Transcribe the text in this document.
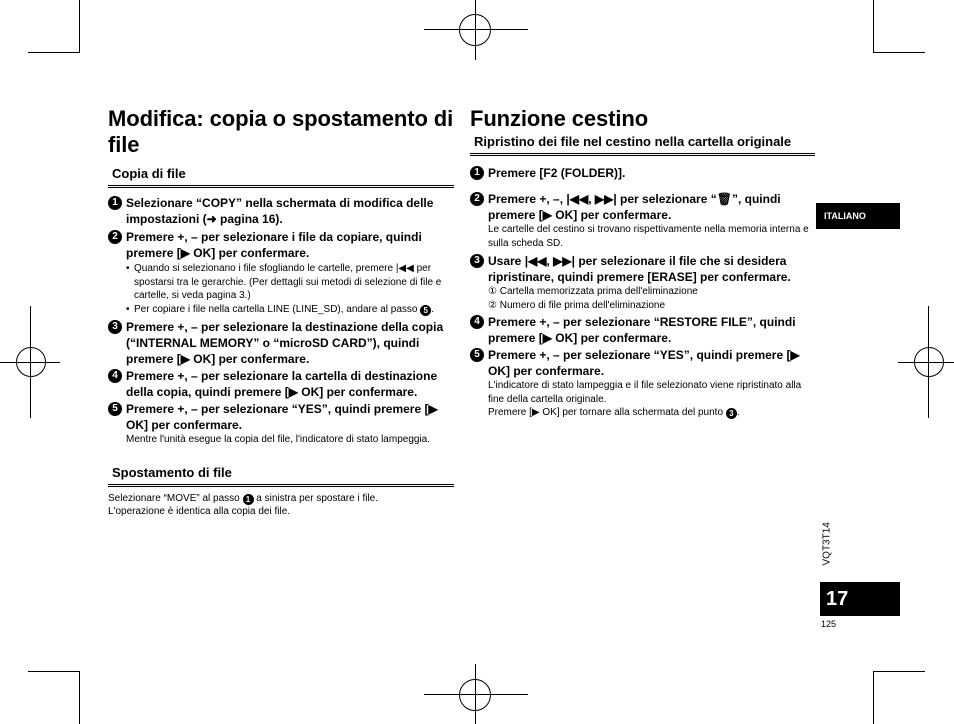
Modifica: copia o spostamento di file
Copia di file
1 Selezionare “COPY” nella schermata di modifica delle impostazioni (➜ pagina 16).
2 Premere +, – per selezionare i file da copiare, quindi premere [▶ OK] per confermare.
• Quando si selezionano i file sfogliando le cartelle, premere |◀◀ per spostarsi tra le gerarchie. (Per dettagli sui metodi di selezione di file e cartelle, si veda pagina 3.)
• Per copiare i file nella cartella LINE (LINE_SD), andare al passo 5 .
3 Premere +, – per selezionare la destinazione della copia (“INTERNAL MEMORY” o “microSD CARD”), quindi premere [▶ OK] per confermare.
4 Premere +, – per selezionare la cartella di destinazione della copia, quindi premere [▶ OK] per confermare.
5 Premere +, – per selezionare “YES”, quindi premere [▶ OK] per confermare.
Mentre l'unità esegue la copia del file, l'indicatore di stato lampeggia.
Spostamento di file
Selezionare “MOVE” al passo 1 a sinistra per spostare i file.
L'operazione è identica alla copia dei file.
Funzione cestino
Ripristino dei file nel cestino nella cartella originale
1 Premere [F2 (FOLDER)].
2 Premere +, –, |◀◀, ▶▶| per selezionare “🗑”, quindi premere [▶ OK] per confermare.
Le cartelle del cestino si trovano rispettivamente nella memoria interna e sulla scheda SD.
3 Usare |◀◀, ▶▶| per selezionare il file che si desidera ripristinare, quindi premere [ERASE] per confermare.
① Cartella memorizzata prima dell'eliminazione
② Numero di file prima dell'eliminazione
4 Premere +, – per selezionare “RESTORE FILE”, quindi premere [▶ OK] per confermare.
5 Premere +, – per selezionare “YES”, quindi premere [▶ OK] per confermare.
L'indicatore di stato lampeggia e il file selezionato viene ripristinato alla fine della cartella originale.
Premere [▶ OK] per tornare alla schermata del punto 3 .
ITALIANO
VQT3T14
17
125
